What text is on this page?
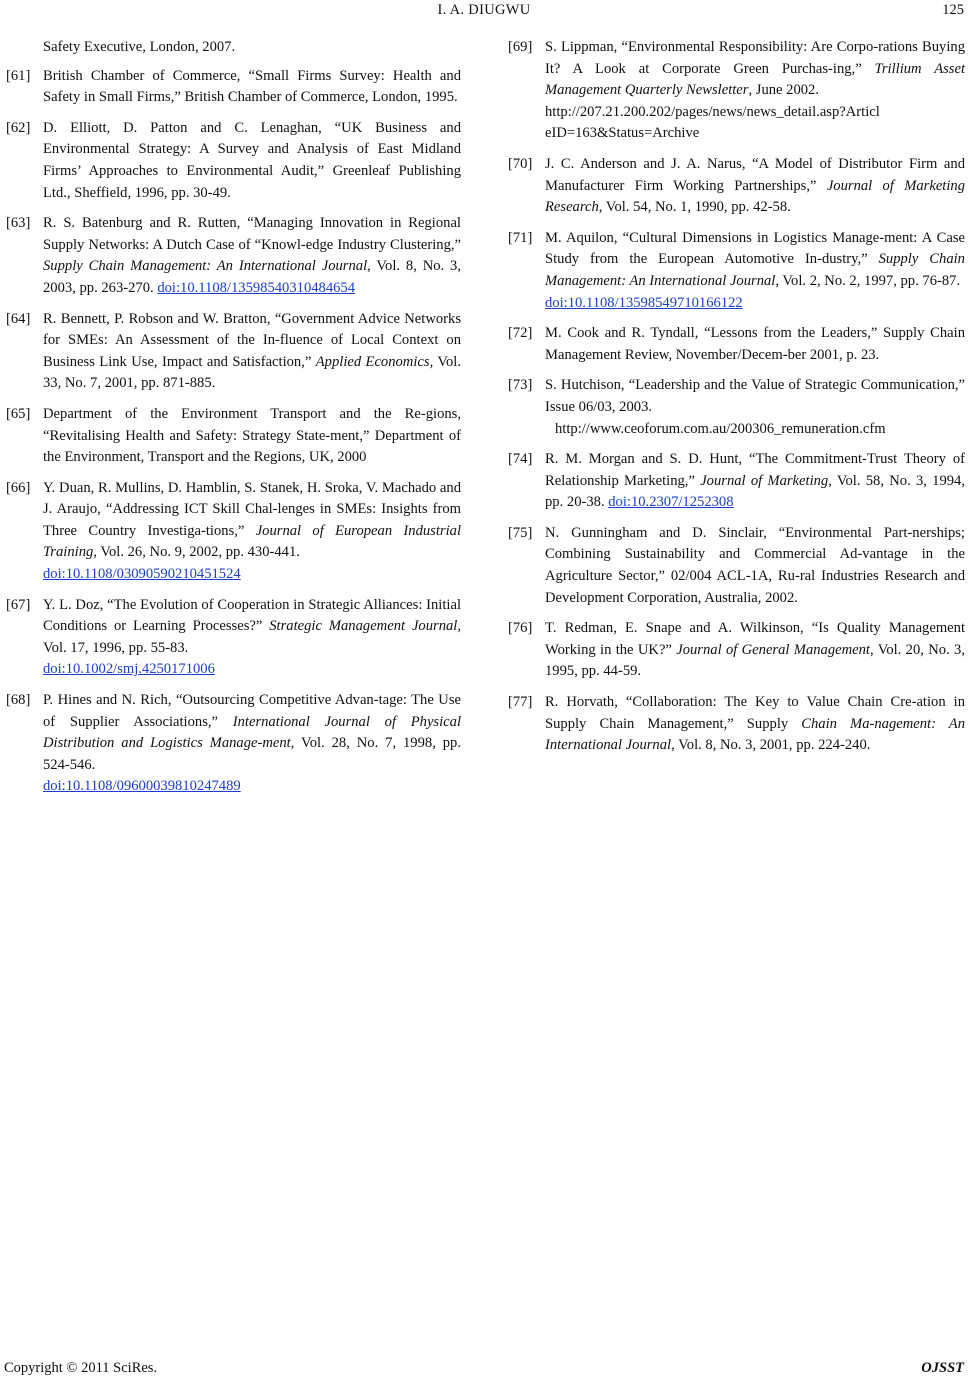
I. A. DIUGWU	125
Safety Executive, London, 2007.
[61] British Chamber of Commerce, “Small Firms Survey: Health and Safety in Small Firms,” British Chamber of Commerce, London, 1995.
[62] D. Elliott, D. Patton and C. Lenaghan, “UK Business and Environmental Strategy: A Survey and Analysis of East Midland Firms’ Approaches to Environmental Audit,” Greenleaf Publishing Ltd., Sheffield, 1996, pp. 30-49.
[63] R. S. Batenburg and R. Rutten, “Managing Innovation in Regional Supply Networks: A Dutch Case of “Knowl-edge Industry Clustering,” Supply Chain Management: An International Journal, Vol. 8, No. 3, 2003, pp. 263-270. doi:10.1108/13598540310484654
[64] R. Bennett, P. Robson and W. Bratton, “Government Advice Networks for SMEs: An Assessment of the In-fluence of Local Context on Business Link Use, Impact and Satisfaction,” Applied Economics, Vol. 33, No. 7, 2001, pp. 871-885.
[65] Department of the Environment Transport and the Re-gions, “Revitalising Health and Safety: Strategy State-ment,” Department of the Environment, Transport and the Regions, UK, 2000
[66] Y. Duan, R. Mullins, D. Hamblin, S. Stanek, H. Sroka, V. Machado and J. Araujo, “Addressing ICT Skill Chal-lenges in SMEs: Insights from Three Country Investiga-tions,” Journal of European Industrial Training, Vol. 26, No. 9, 2002, pp. 430-441.
doi:10.1108/03090590210451524
[67] Y. L. Doz, “The Evolution of Cooperation in Strategic Alliances: Initial Conditions or Learning Processes?” Strategic Management Journal, Vol. 17, 1996, pp. 55-83.
doi:10.1002/smj.4250171006
[68] P. Hines and N. Rich, “Outsourcing Competitive Advan-tage: The Use of Supplier Associations,” International Journal of Physical Distribution and Logistics Manage-ment, Vol. 28, No. 7, 1998, pp. 524-546.
doi:10.1108/09600039810247489
[69] S. Lippman, “Environmental Responsibility: Are Corpo-rations Buying It? A Look at Corporate Green Purchas-ing,” Trillium Asset Management Quarterly Newsletter, June 2002.
http://207.21.200.202/pages/news/news_detail.asp?Articl
eID=163&Status=Archive
[70] J. C. Anderson and J. A. Narus, “A Model of Distributor Firm and Manufacturer Firm Working Partnerships,” Journal of Marketing Research, Vol. 54, No. 1, 1990, pp. 42-58.
[71] M. Aquilon, “Cultural Dimensions in Logistics Manage-ment: A Case Study from the European Automotive In-dustry,” Supply Chain Management: An International Journal, Vol. 2, No. 2, 1997, pp. 76-87.
doi:10.1108/13598549710166122
[72] M. Cook and R. Tyndall, “Lessons from the Leaders,” Supply Chain Management Review, November/Decem-ber 2001, p. 23.
[73] S. Hutchison, “Leadership and the Value of Strategic Communication,” Issue 06/03, 2003.
http://www.ceoforum.com.au/200306_remuneration.cfm
[74] R. M. Morgan and S. D. Hunt, “The Commitment-Trust Theory of Relationship Marketing,” Journal of Marketing, Vol. 58, No. 3, 1994, pp. 20-38. doi:10.2307/1252308
[75] N. Gunningham and D. Sinclair, “Environmental Part-nerships; Combining Sustainability and Commercial Ad-vantage in the Agriculture Sector,” 02/004 ACL-1A, Ru-ral Industries Research and Development Corporation, Australia, 2002.
[76] T. Redman, E. Snape and A. Wilkinson, “Is Quality Management Working in the UK?” Journal of General Management, Vol. 20, No. 3, 1995, pp. 44-59.
[77] R. Horvath, “Collaboration: The Key to Value Chain Cre-ation in Supply Chain Management,” Supply Chain Ma-nagement: An International Journal, Vol. 8, No. 3, 2001, pp. 224-240.
Copyright © 2011 SciRes.	OJSST
